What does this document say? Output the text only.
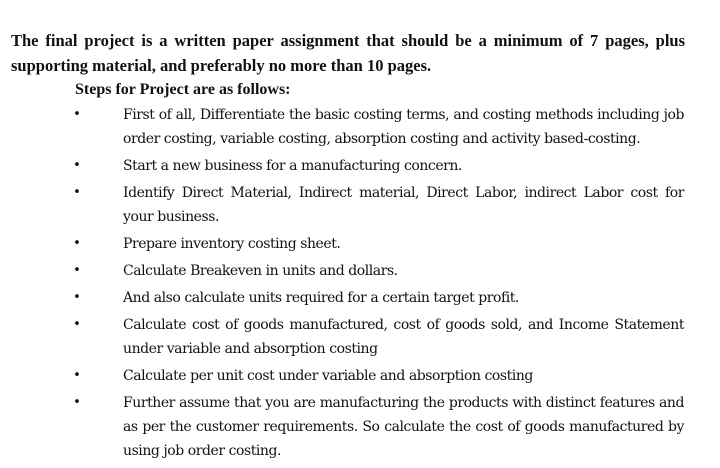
The final project is a written paper assignment that should be a minimum of 7 pages, plus supporting material, and preferably no more than 10 pages.
Steps for Project are as follows:
•	First of all, Differentiate the basic costing terms, and costing methods including job order costing, variable costing, absorption costing and activity based-costing.
•	Start a new business for a manufacturing concern.
•	Identify Direct Material, Indirect material, Direct Labor, indirect Labor cost for your business.
•	Prepare inventory costing sheet.
•	Calculate Breakeven in units and dollars.
•	And also calculate units required for a certain target profit.
•	Calculate cost of goods manufactured, cost of goods sold, and Income Statement under variable and absorption costing
•	Calculate per unit cost under variable and absorption costing
•	Further assume that you are manufacturing the products with distinct features and as per the customer requirements. So calculate the cost of goods manufactured by using job order costing.
